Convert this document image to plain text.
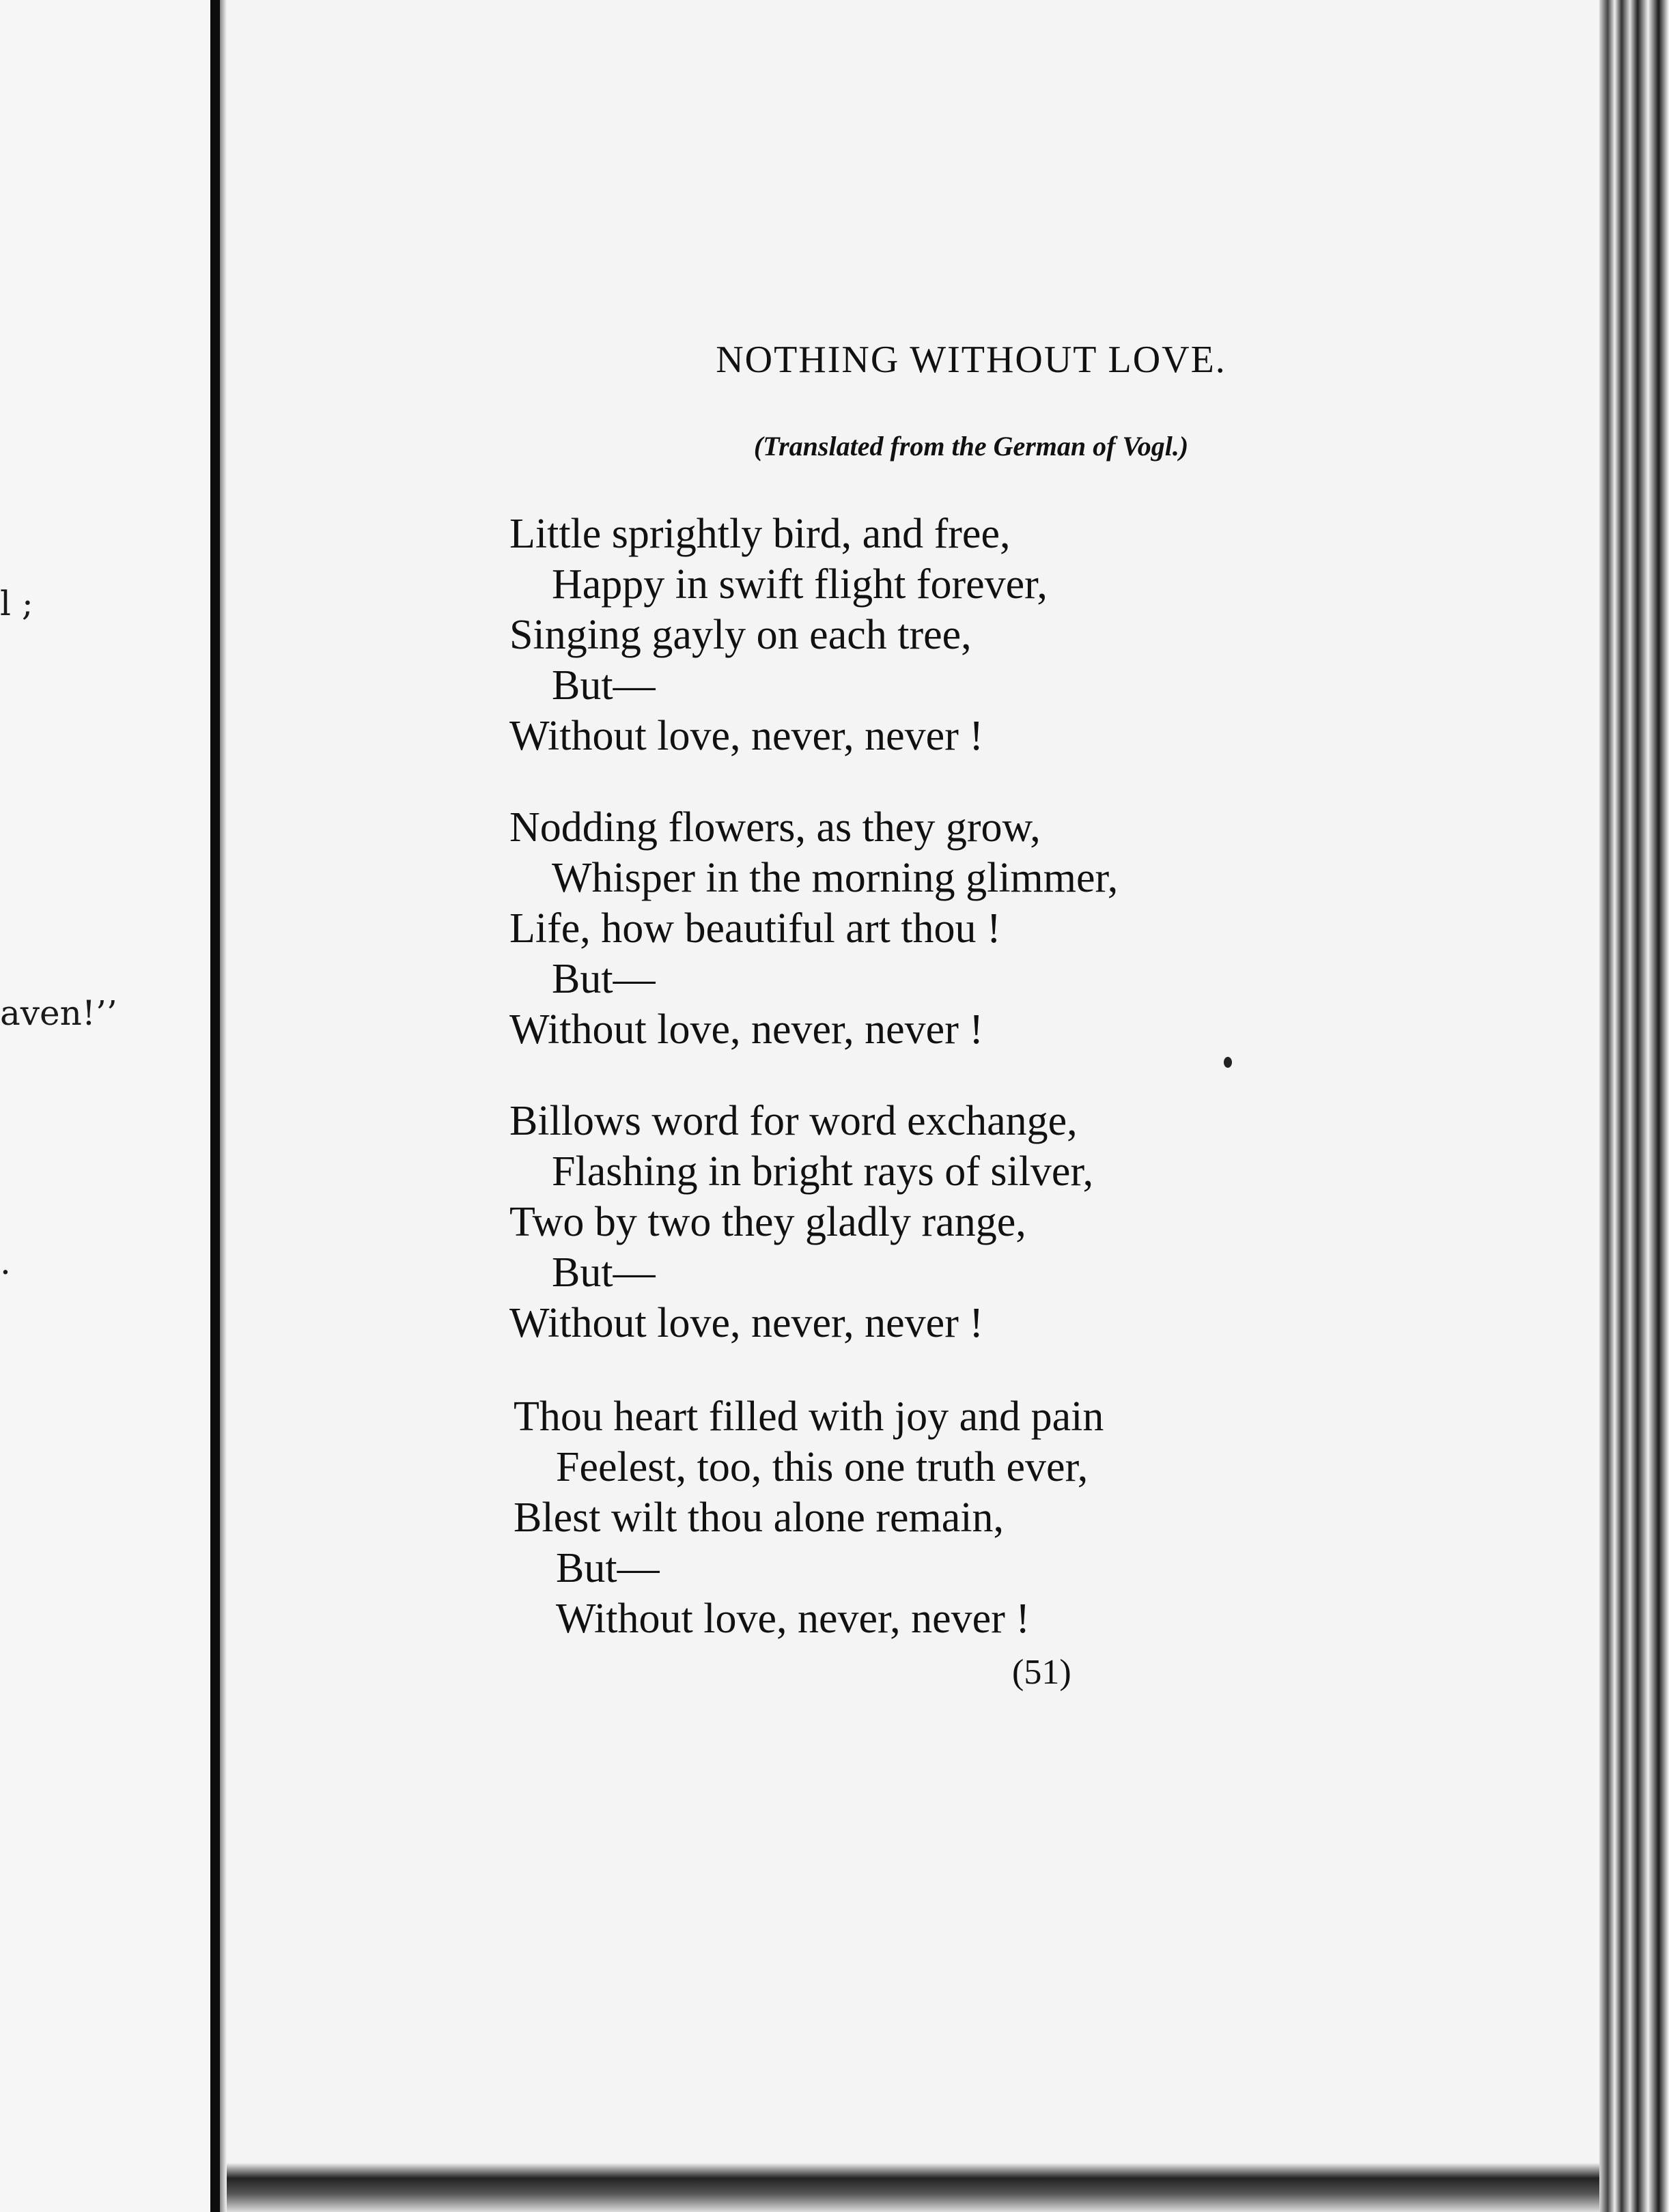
l ;
aven!’’
.
NOTHING WITHOUT LOVE.
(Translated from the German of Vogl.)
Little sprightly bird, and free,
Happy in swift flight forever,
Singing gayly on each tree,
But—
Without love, never, never !
Nodding flowers, as they grow,
Whisper in the morning glimmer,
Life, how beautiful art thou !
But—
Without love, never, never !
Billows word for word exchange,
Flashing in bright rays of silver,
Two by two they gladly range,
But—
Without love, never, never !
Thou heart filled with joy and pain
Feelest, too, this one truth ever,
Blest wilt thou alone remain,
But—
Without love, never, never !
(51)
